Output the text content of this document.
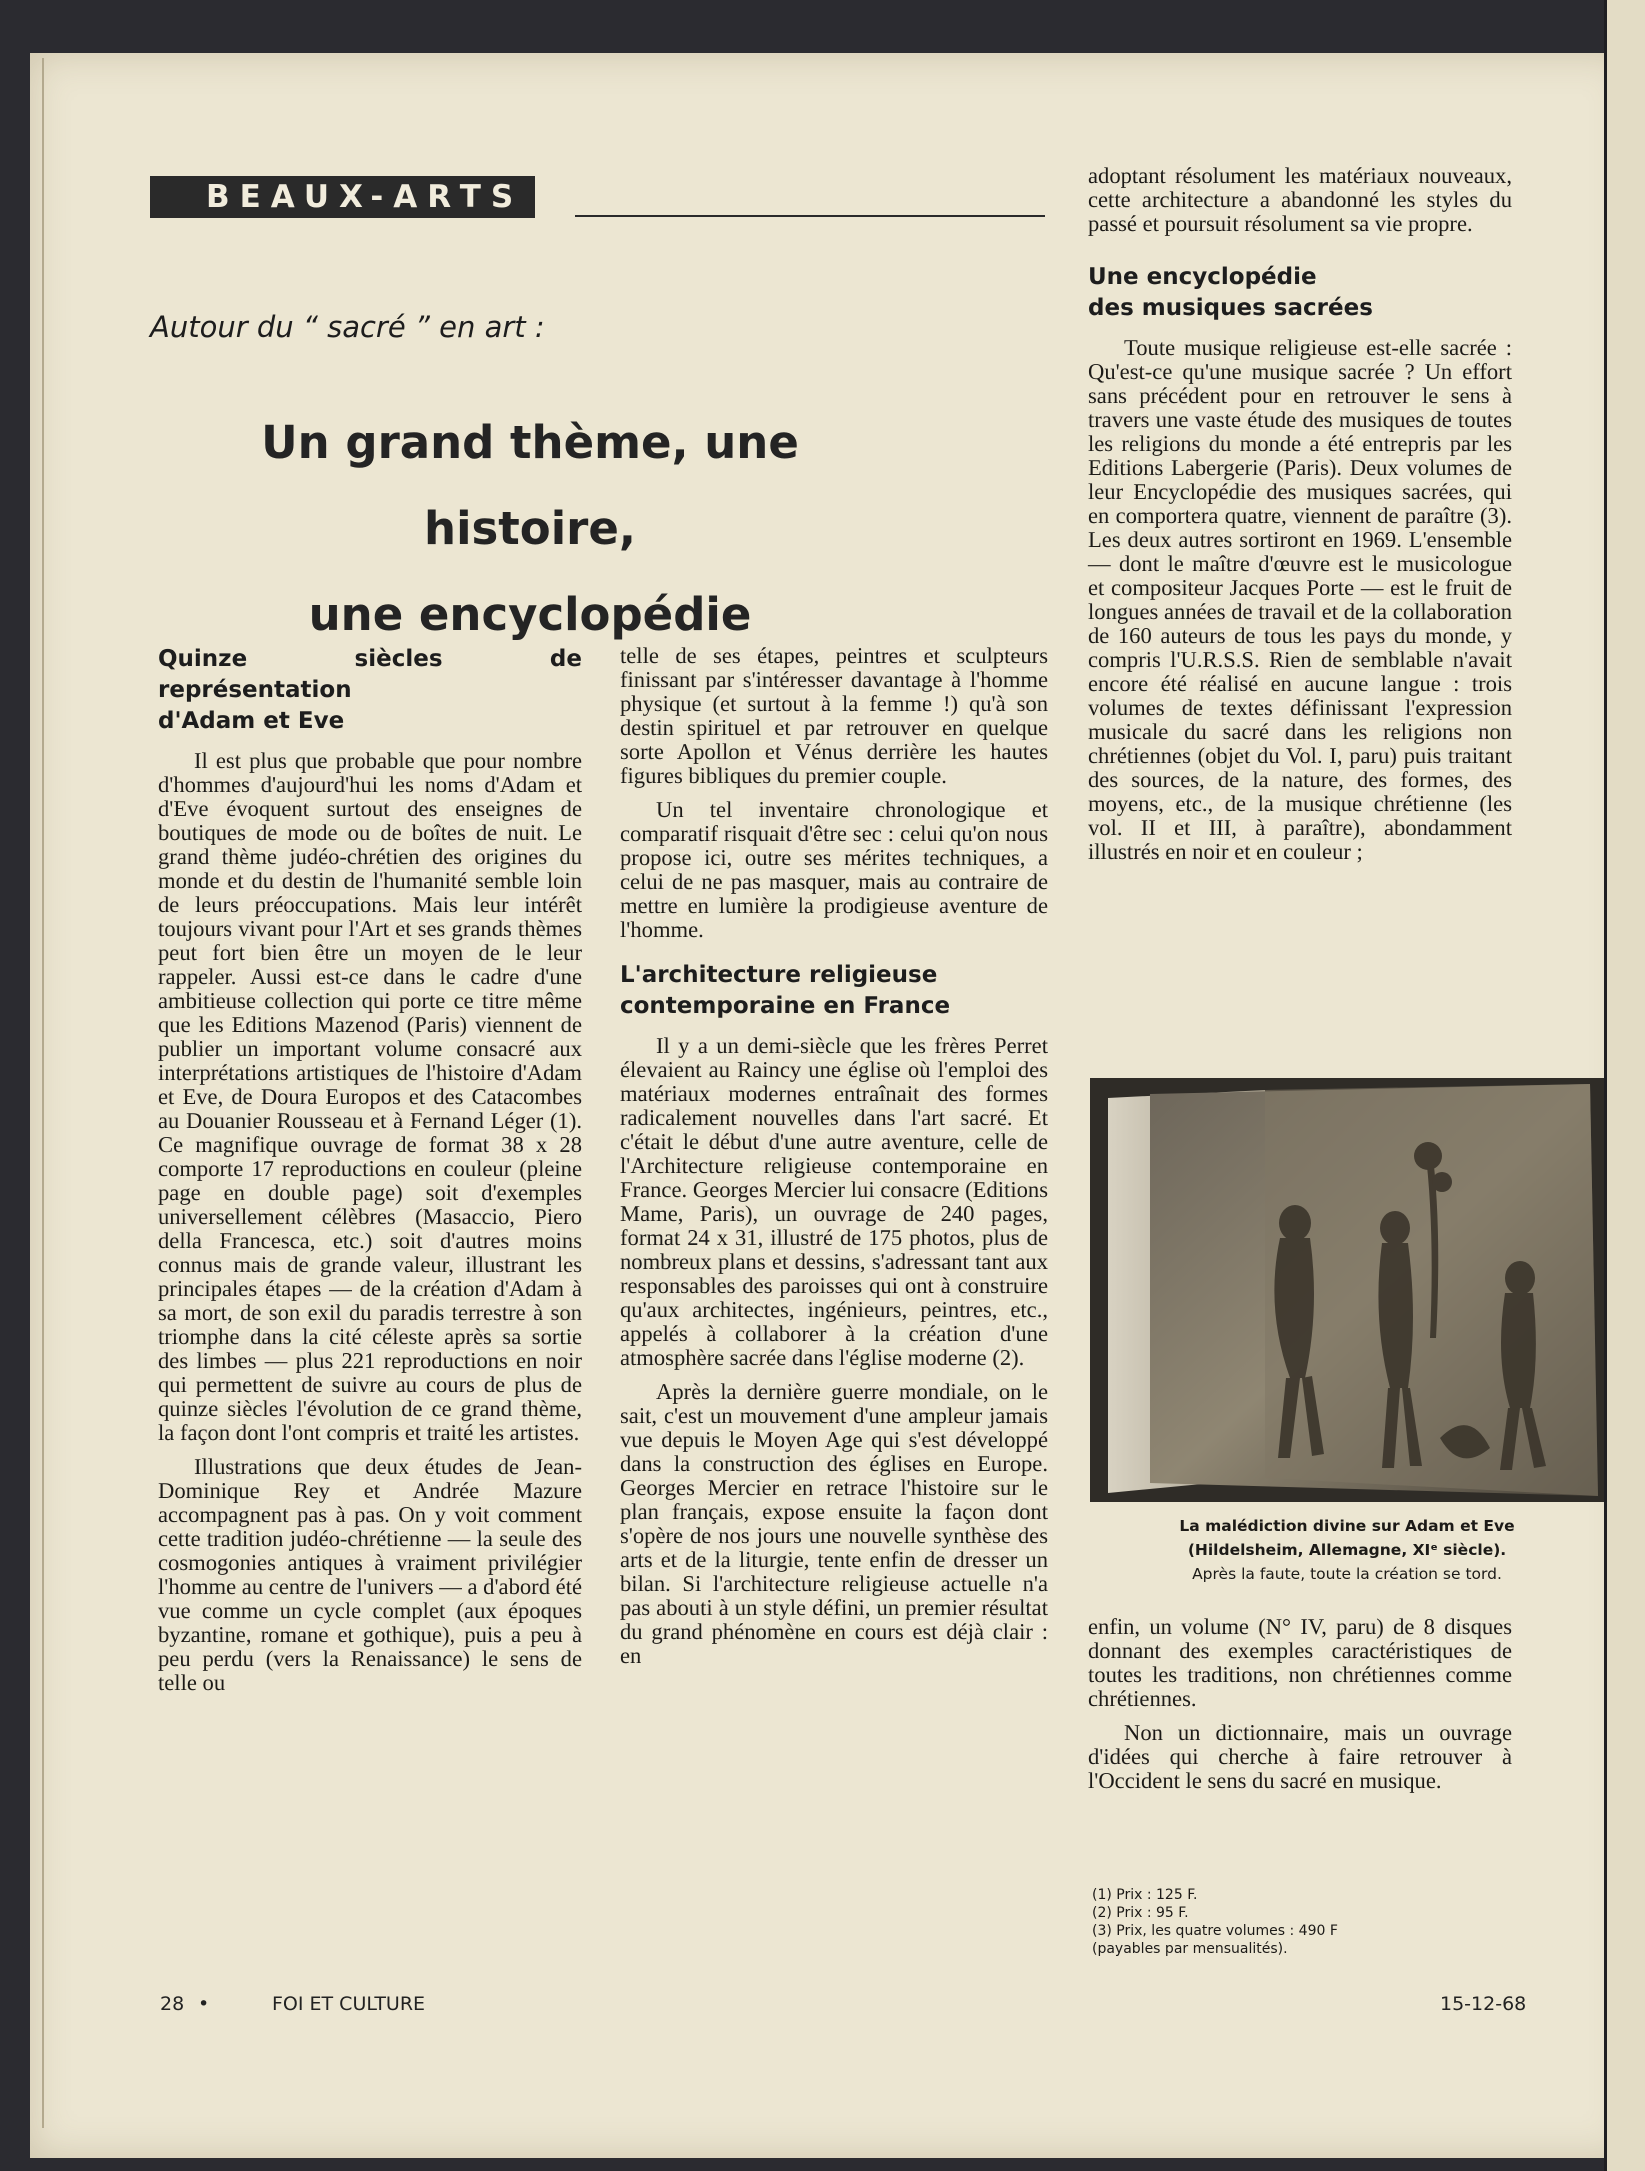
BEAUX-ARTS
Autour du “ sacré ” en art :
Un grand thème, une histoire,
une encyclopédie
Quinze siècles de représentation
d'Adam et Eve

Il est plus que probable que pour nombre d'hommes d'aujourd'hui les noms d'Adam et d'Eve évoquent surtout des enseignes de boutiques de mode ou de boîtes de nuit. Le grand thème judéo-chrétien des origines du monde et du destin de l'humanité semble loin de leurs préoccupations. Mais leur intérêt toujours vivant pour l'Art et ses grands thèmes peut fort bien être un moyen de le leur rappeler. Aussi est-ce dans le cadre d'une ambitieuse collection qui porte ce titre même que les Editions Mazenod (Paris) viennent de publier un important volume consacré aux interprétations artistiques de l'histoire d'Adam et Eve, de Doura Europos et des Catacombes au Douanier Rousseau et à Fernand Léger (1). Ce magnifique ouvrage de format 38 x 28 comporte 17 reproductions en couleur (pleine page en double page) soit d'exemples universellement célèbres (Masaccio, Piero della Francesca, etc.) soit d'autres moins connus mais de grande valeur, illustrant les principales étapes — de la création d'Adam à sa mort, de son exil du paradis terrestre à son triomphe dans la cité céleste après sa sortie des limbes — plus 221 reproductions en noir qui permettent de suivre au cours de plus de quinze siècles l'évolution de ce grand thème, la façon dont l'ont compris et traité les artistes.

Illustrations que deux études de Jean-Dominique Rey et Andrée Mazure accompagnent pas à pas. On y voit comment cette tradition judéo-chrétienne — la seule des cosmogonies antiques à vraiment privilégier l'homme au centre de l'univers — a d'abord été vue comme un cycle complet (aux époques byzantine, romane et gothique), puis a peu à peu perdu (vers la Renaissance) le sens de telle ou

telle de ses étapes, peintres et sculpteurs finissant par s'intéresser davantage à l'homme physique (et surtout à la femme !) qu'à son destin spirituel et par retrouver en quelque sorte Apollon et Vénus derrière les hautes figures bibliques du premier couple.

Un tel inventaire chronologique et comparatif risquait d'être sec : celui qu'on nous propose ici, outre ses mérites techniques, a celui de ne pas masquer, mais au contraire de mettre en lumière la prodigieuse aventure de l'homme.

L'architecture religieuse
contemporaine en France

Il y a un demi-siècle que les frères Perret élevaient au Raincy une église où l'emploi des matériaux modernes entraînait des formes radicalement nouvelles dans l'art sacré. Et c'était le début d'une autre aventure, celle de l'Architecture religieuse contemporaine en France. Georges Mercier lui consacre (Editions Mame, Paris), un ouvrage de 240 pages, format 24 x 31, illustré de 175 photos, plus de nombreux plans et dessins, s'adressant tant aux responsables des paroisses qui ont à construire qu'aux architectes, ingénieurs, peintres, etc., appelés à collaborer à la création d'une atmosphère sacrée dans l'église moderne (2).

Après la dernière guerre mondiale, on le sait, c'est un mouvement d'une ampleur jamais vue depuis le Moyen Age qui s'est développé dans la construction des églises en Europe. Georges Mercier en retrace l'histoire sur le plan français, expose ensuite la façon dont s'opère de nos jours une nouvelle synthèse des arts et de la liturgie, tente enfin de dresser un bilan. Si l'architecture religieuse actuelle n'a pas abouti à un style défini, un premier résultat du grand phénomène en cours est déjà clair : en

adoptant résolument les matériaux nouveaux, cette architecture a abandonné les styles du passé et poursuit résolument sa vie propre.

Une encyclopédie
des musiques sacrées

Toute musique religieuse est-elle sacrée : Qu'est-ce qu'une musique sacrée ? Un effort sans précédent pour en retrouver le sens à travers une vaste étude des musiques de toutes les religions du monde a été entrepris par les Editions Labergerie (Paris). Deux volumes de leur Encyclopédie des musiques sacrées, qui en comportera quatre, viennent de paraître (3). Les deux autres sortiront en 1969. L'ensemble — dont le maître d'œuvre est le musicologue et compositeur Jacques Porte — est le fruit de longues années de travail et de la collaboration de 160 auteurs de tous les pays du monde, y compris l'U.R.S.S. Rien de semblable n'avait encore été réalisé en aucune langue : trois volumes de textes définissant l'expression musicale du sacré dans les religions non chrétiennes (objet du Vol. I, paru) puis traitant des sources, de la nature, des formes, des moyens, etc., de la musique chrétienne (les vol. II et III, à paraître), abondamment illustrés en noir et en couleur ;

La malédiction divine sur Adam et Eve
(Hildelsheim, Allemagne, XIᵉ siècle).
Après la faute, toute la création se tord.

enfin, un volume (N° IV, paru) de 8 disques donnant des exemples caractéristiques de toutes les traditions, non chrétiennes comme chrétiennes.

Non un dictionnaire, mais un ouvrage d'idées qui cherche à faire retrouver à l'Occident le sens du sacré en musique.

(1) Prix : 125 F.
(2) Prix : 95 F.
(3) Prix, les quatre volumes : 490 F
(payables par mensualités).
28 •	FOI ET CULTURE	15-12-68
